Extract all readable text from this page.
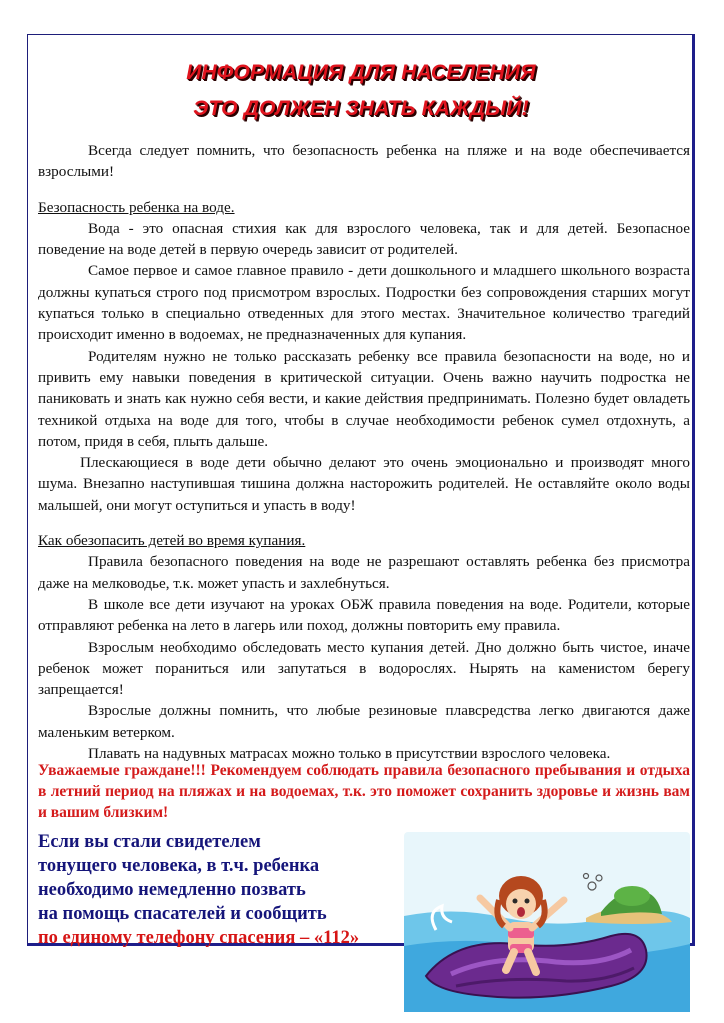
ИНФОРМАЦИЯ ДЛЯ НАСЕЛЕНИЯ
ЭТО ДОЛЖЕН ЗНАТЬ КАЖДЫЙ!

Всегда следует помнить, что безопасность ребенка на пляже и на воде обеспечивается взрослыми!

Безопасность ребенка на воде.

Вода - это опасная стихия как для взрослого человека, так и для детей. Безопасное поведение на воде детей в первую очередь зависит от родителей.

Самое первое и самое главное правило - дети дошкольного и младшего школьного возраста должны купаться строго под присмотром взрослых. Подростки без сопровождения старших могут купаться только в специально отведенных для этого местах. Значительное количество трагедий происходит именно в водоемах, не предназначенных для купания.

Родителям нужно не только рассказать ребенку все правила безопасности на воде, но и привить ему навыки поведения в критической ситуации. Очень важно научить подростка не паниковать и знать как нужно себя вести, и какие действия предпринимать. Полезно будет овладеть техникой отдыха на воде для того, чтобы в случае необходимости ребенок сумел отдохнуть, а потом, придя в себя, плыть дальше.

Плескающиеся в воде дети обычно делают это очень эмоционально и производят много шума. Внезапно наступившая тишина должна насторожить родителей. Не оставляйте около воды малышей, они могут оступиться и упасть в воду!

Как обезопасить детей во время купания.

Правила безопасного поведения на воде не разрешают оставлять ребенка без присмотра даже на мелководье, т.к. может упасть и захлебнуться.

В школе все дети изучают на уроках ОБЖ правила поведения на воде. Родители, которые отправляют ребенка на лето в лагерь или поход, должны повторить ему правила.

Взрослым необходимо обследовать место купания детей. Дно должно быть чистое, иначе ребенок может пораниться или запутаться в водорослях. Нырять на каменистом берегу запрещается!

Взрослые должны помнить, что любые резиновые плавсредства легко двигаются даже маленьким ветерком.

Плавать на надувных матрасах можно только в присутствии взрослого человека.

Уважаемые граждане!!! Рекомендуем соблюдать правила безопасного пребывания и отдыха в летний период на пляжах и на водоемах, т.к. это поможет сохранить здоровье и жизнь вам и вашим близким!
Если вы стали свидетелем
тонущего человека, в т.ч. ребенка
необходимо немедленно позвать
на помощь спасателей и сообщить
по единому телефону спасения – «112»
